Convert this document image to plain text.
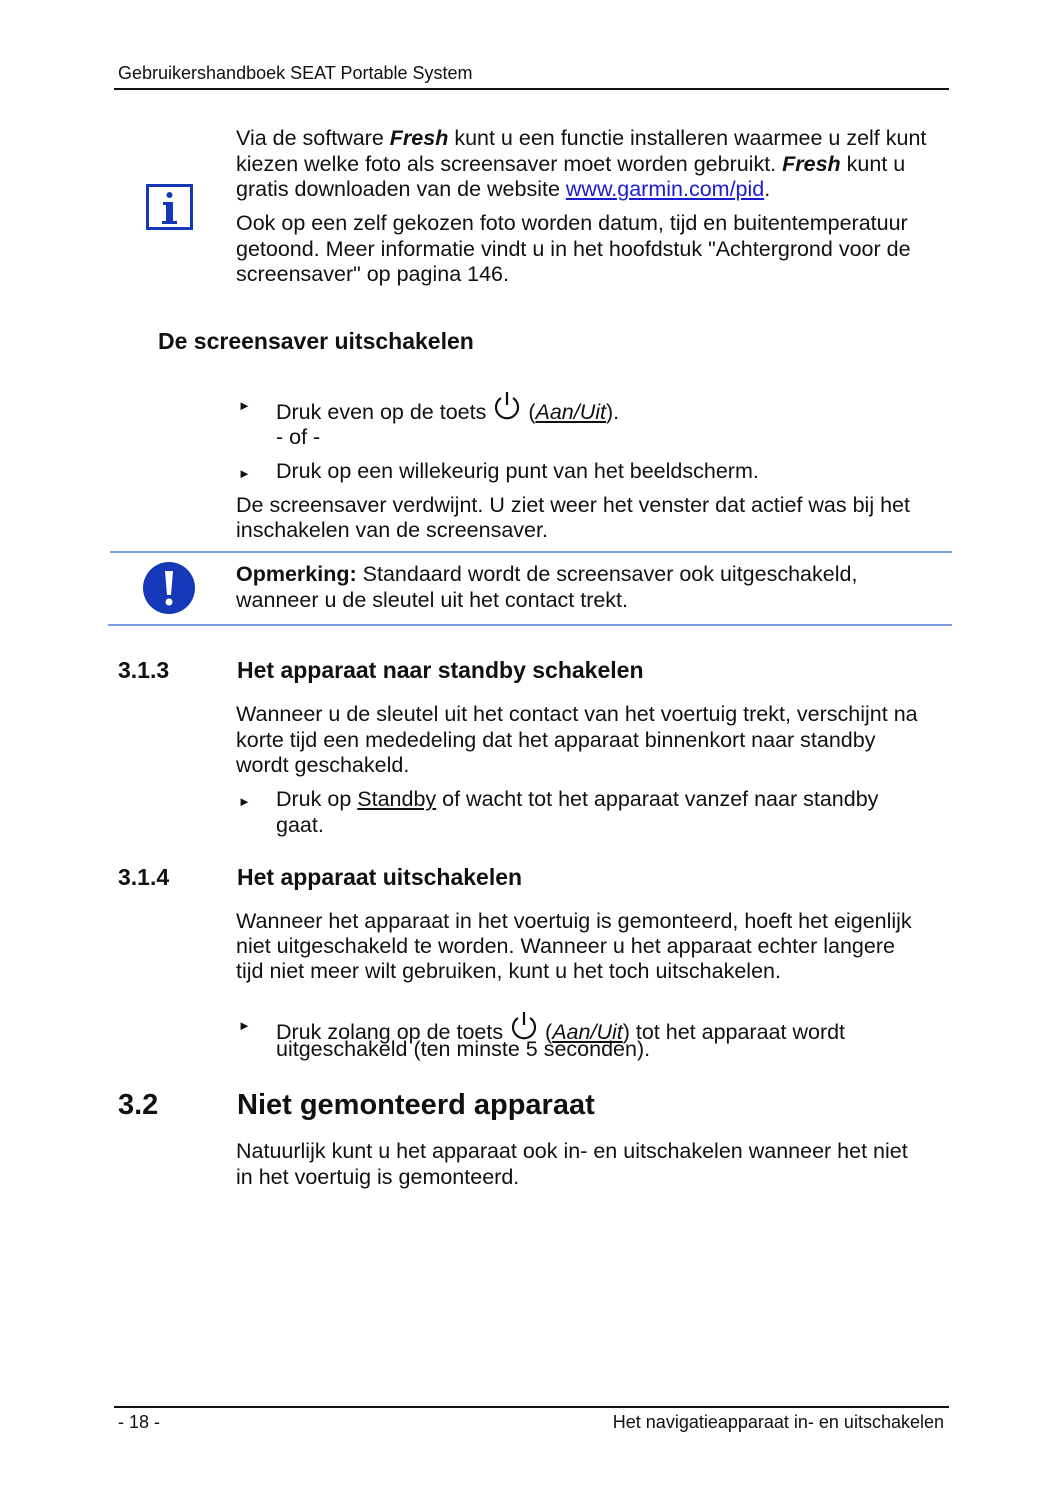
Gebruikershandboek SEAT Portable System
Via de software Fresh kunt u een functie installeren waarmee u zelf kunt kiezen welke foto als screensaver moet worden gebruikt. Fresh kunt u gratis downloaden van de website www.garmin.com/pid.
Ook op een zelf gekozen foto worden datum, tijd en buitentemperatuur getoond. Meer informatie vindt u in het hoofdstuk "Achtergrond voor de screensaver" op pagina 146.
De screensaver uitschakelen
► Druk even op de toets  (Aan/Uit).
- of -
► Druk op een willekeurig punt van het beeldscherm.
De screensaver verdwijnt. U ziet weer het venster dat actief was bij het
inschakelen van de screensaver.
Opmerking: Standaard wordt de screensaver ook uitgeschakeld,
wanneer u de sleutel uit het contact trekt.
3.1.3	Het apparaat naar standby schakelen
Wanneer u de sleutel uit het contact van het voertuig trekt, verschijnt na
korte tijd een mededeling dat het apparaat binnenkort naar standby
wordt geschakeld.
► Druk op Standby of wacht tot het apparaat vanzef naar standby
gaat.
3.1.4	Het apparaat uitschakelen
Wanneer het apparaat in het voertuig is gemonteerd, hoeft het eigenlijk
niet uitgeschakeld te worden. Wanneer u het apparaat echter langere
tijd niet meer wilt gebruiken, kunt u het toch uitschakelen.
► Druk zolang op de toets  (Aan/Uit) tot het apparaat wordt
uitgeschakeld (ten minste 5 seconden).
3.2	Niet gemonteerd apparaat
Natuurlijk kunt u het apparaat ook in- en uitschakelen wanneer het niet
in het voertuig is gemonteerd.
- 18 -	Het navigatieapparaat in- en uitschakelen
